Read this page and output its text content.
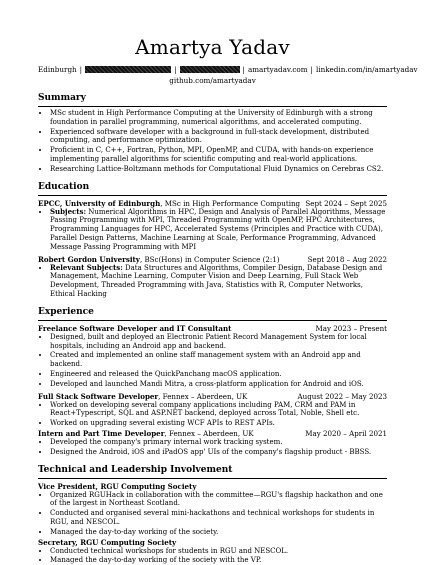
Amartya Yadav
Edinburgh |	|	| amartyadav.com | linkedin.com/in/amartyadav
github.com/amartyadav
Summary
• MSc student in High Performance Computing at the University of Edinburgh with a strong foundation in parallel programming, numerical algorithms, and accelerated computing.
• Experienced software developer with a background in full-stack development, distributed computing, and performance optimization.
• Proficient in C, C++, Fortran, Python, MPI, OpenMP, and CUDA, with hands-on experience implementing parallel algorithms for scientific computing and real-world applications.
• Researching Lattice-Boltzmann methods for Computational Fluid Dynamics on Cerebras CS2.
Education
EPCC, University of Edinburgh, MSc in High Performance Computing Sept 2024 – Sept 2025
• Subjects: Numerical Algorithms in HPC, Design and Analysis of Parallel Algorithms, Message Passing Programming with MPI, Threaded Programming with OpenMP, HPC Architectures, Programming Languages for HPC, Accelerated Systems (Principles and Practice with CUDA), Parallel Design Patterns, Machine Learning at Scale, Performance Programming, Advanced Message Passing Programming with MPI
Robert Gordon University, BSc(Hons) in Computer Science (2:1)	Sept 2018 – Aug 2022
• Relevant Subjects: Data Structures and Algorithms, Compiler Design, Database Design and Management, Machine Learning, Computer Vision and Deep Learning, Full Stack Web Development, Threaded Programming with Java, Statistics with R, Computer Networks, Ethical Hacking
Experience
Freelance Software Developer and IT Consultant	May 2023 – Present
• Designed, built and deployed an Electronic Patient Record Management System for local hospitals, including an Android app and backend.
• Created and implemented an online staff management system with an Android app and backend.
• Engineered and released the QuickPanchang macOS application.
• Developed and launched Mandi Mitra, a cross-platform application for Android and iOS.
Full Stack Software Developer, Fennex – Aberdeen, UK	August 2022 – May 2023
• Worked on developing several company applications including PAM, CRM and PAM in React+Typescript, SQL and ASP.NET backend, deployed across Total, Noble, Shell etc.
• Worked on upgrading several existing WCF APIs to REST APIs.
Intern and Part Time Developer, Fennex – Aberdeen, UK	May 2020 – April 2021
• Developed the company's primary internal work tracking system.
• Designed the Android, iOS and iPadOS app' UIs of the company's flagship product - BBSS.
Technical and Leadership Involvement
Vice President, RGU Computing Society
• Organized RGUHack in collaboration with the committee—RGU's flagship hackathon and one of the largest in Northeast Scotland.
• Conducted and organised several mini-hackathons and technical workshops for students in RGU, and NESCOL.
• Managed the day-to-day working of the society.
Secretary, RGU Computing Society
• Conducted technical workshops for students in RGU and NESCOL.
• Managed the day-to-day working of the society with the VP.
